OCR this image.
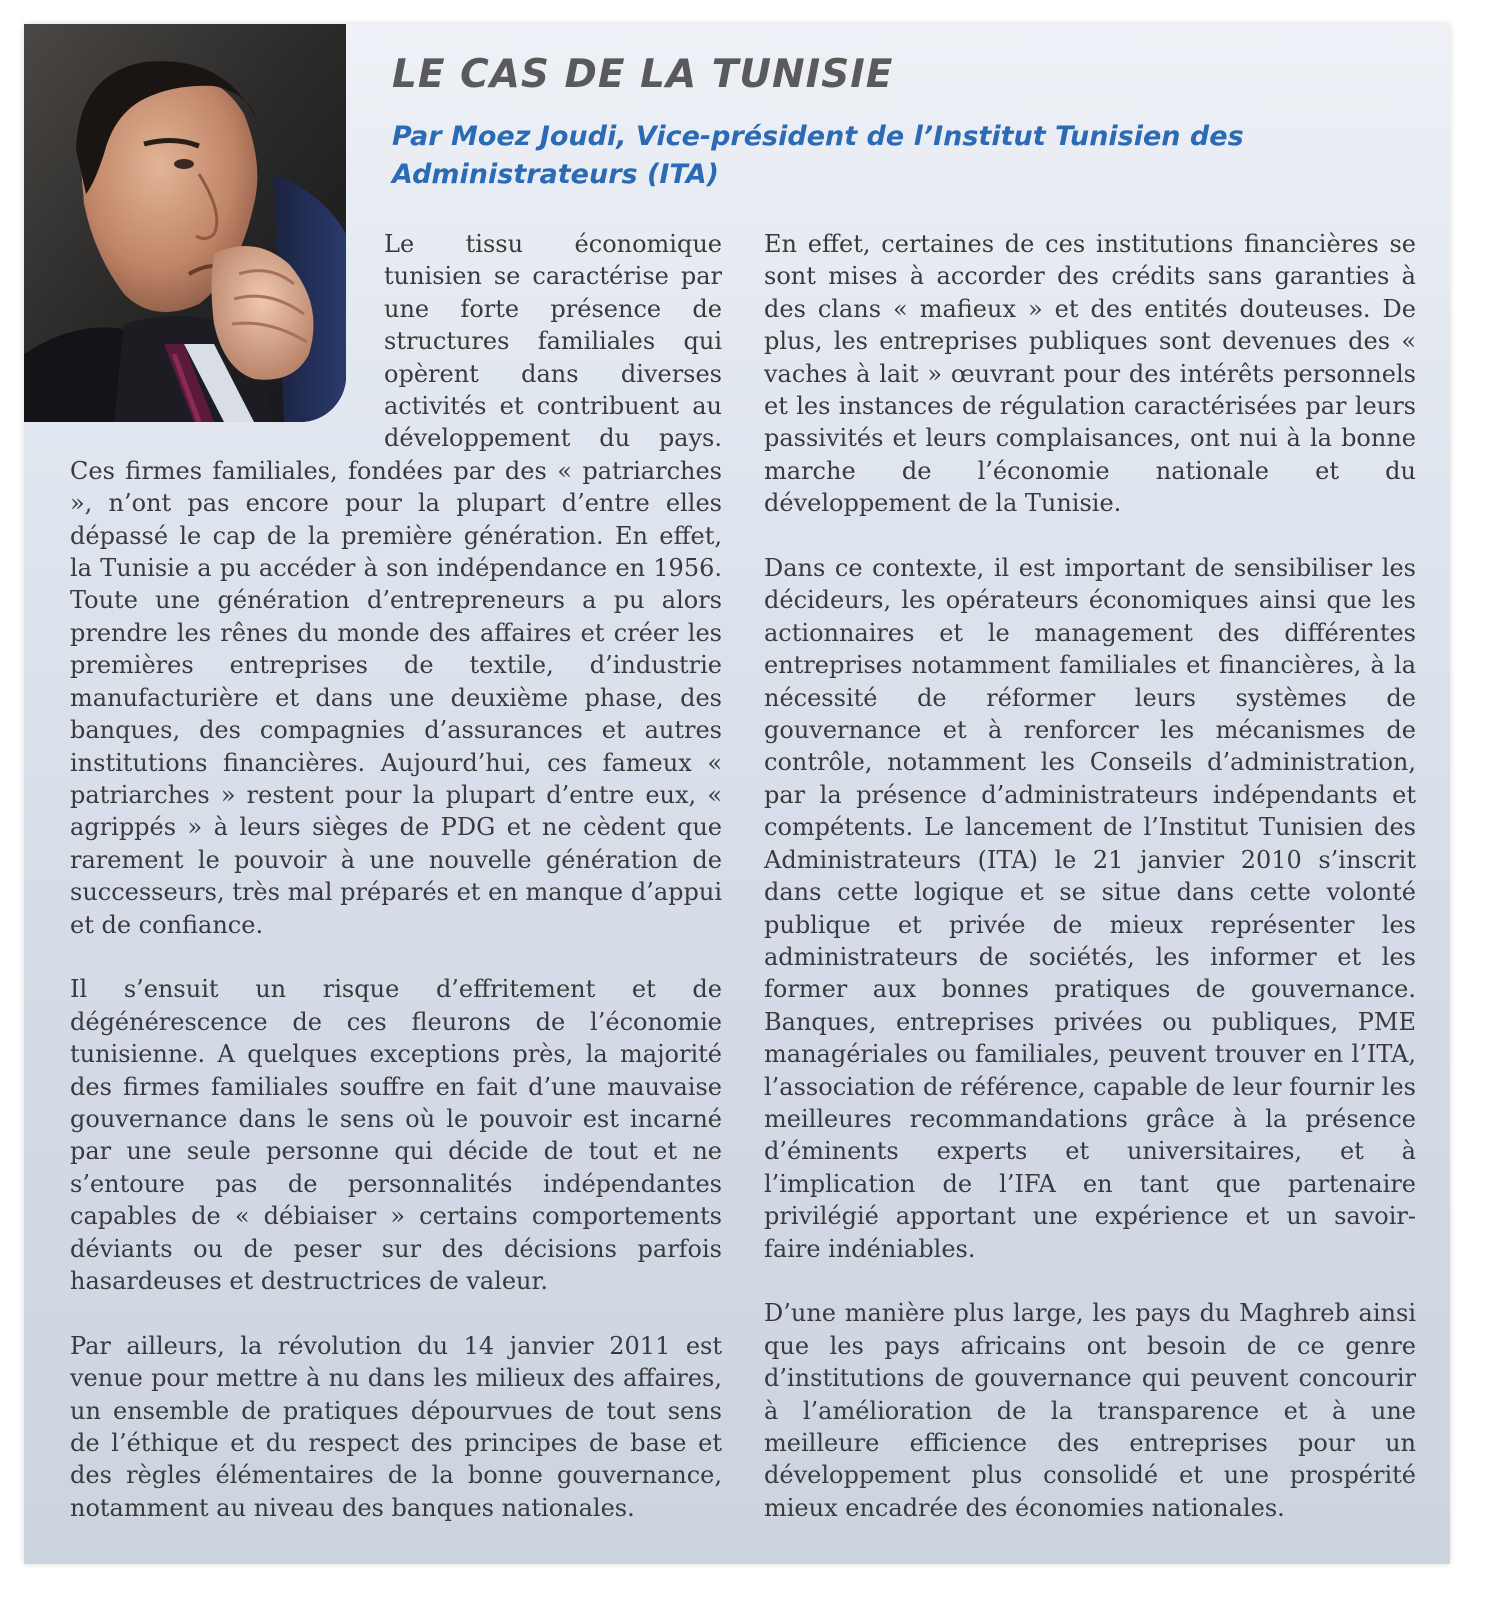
LE CAS DE LA TUNISIE
Par Moez Joudi, Vice-président de l’Institut Tunisien des Administrateurs (ITA)

Le tissu économique tunisien se caractérise par une forte présence de structures familiales qui opèrent dans diverses activités et contribuent au développement du pays. Ces firmes familiales, fondées par des « patriarches », n’ont pas encore pour la plupart d’entre elles dépassé le cap de la première génération. En effet, la Tunisie a pu accéder à son indépendance en 1956. Toute une génération d’entrepreneurs a pu alors prendre les rênes du monde des affaires et créer les premières entreprises de textile, d’industrie manufacturière et dans une deuxième phase, des banques, des compagnies d’assurances et autres institutions financières. Aujourd’hui, ces fameux « patriarches » restent pour la plupart d’entre eux, « agrippés » à leurs sièges de PDG et ne cèdent que rarement le pouvoir à une nouvelle génération de successeurs, très mal préparés et en manque d’appui et de confiance.

Il s’ensuit un risque d’effritement et de dégénérescence de ces fleurons de l’économie tunisienne. A quelques exceptions près, la majorité des firmes familiales souffre en fait d’une mauvaise gouvernance dans le sens où le pouvoir est incarné par une seule personne qui décide de tout et ne s’entoure pas de personnalités indépendantes capables de « débiaiser » certains comportements déviants ou de peser sur des décisions parfois hasardeuses et destructrices de valeur.

Par ailleurs, la révolution du 14 janvier 2011 est venue pour mettre à nu dans les milieux des affaires, un ensemble de pratiques dépourvues de tout sens de l’éthique et du respect des principes de base et des règles élémentaires de la bonne gouvernance, notamment au niveau des banques nationales.

En effet, certaines de ces institutions financières se sont mises à accorder des crédits sans garanties à des clans « mafieux » et des entités douteuses. De plus, les entreprises publiques sont devenues des « vaches à lait » œuvrant pour des intérêts personnels et les instances de régulation caractérisées par leurs passivités et leurs complaisances, ont nui à la bonne marche de l’économie nationale et du développement de la Tunisie.

Dans ce contexte, il est important de sensibiliser les décideurs, les opérateurs économiques ainsi que les actionnaires et le management des différentes entreprises notamment familiales et financières, à la nécessité de réformer leurs systèmes de gouvernance et à renforcer les mécanismes de contrôle, notamment les Conseils d’administration, par la présence d’administrateurs indépendants et compétents. Le lancement de l’Institut Tunisien des Administrateurs (ITA) le 21 janvier 2010 s’inscrit dans cette logique et se situe dans cette volonté publique et privée de mieux représenter les administrateurs de sociétés, les informer et les former aux bonnes pratiques de gouvernance. Banques, entreprises privées ou publiques, PME managériales ou familiales, peuvent trouver en l’ITA, l’association de référence, capable de leur fournir les meilleures recommandations grâce à la présence d’éminents experts et universitaires, et à l’implication de l’IFA en tant que partenaire privilégié apportant une expérience et un savoir-faire indéniables.

D’une manière plus large, les pays du Maghreb ainsi que les pays africains ont besoin de ce genre d’institutions de gouvernance qui peuvent concourir à l’amélioration de la transparence et à une meilleure efficience des entreprises pour un développement plus consolidé et une prospérité mieux encadrée des économies nationales.
